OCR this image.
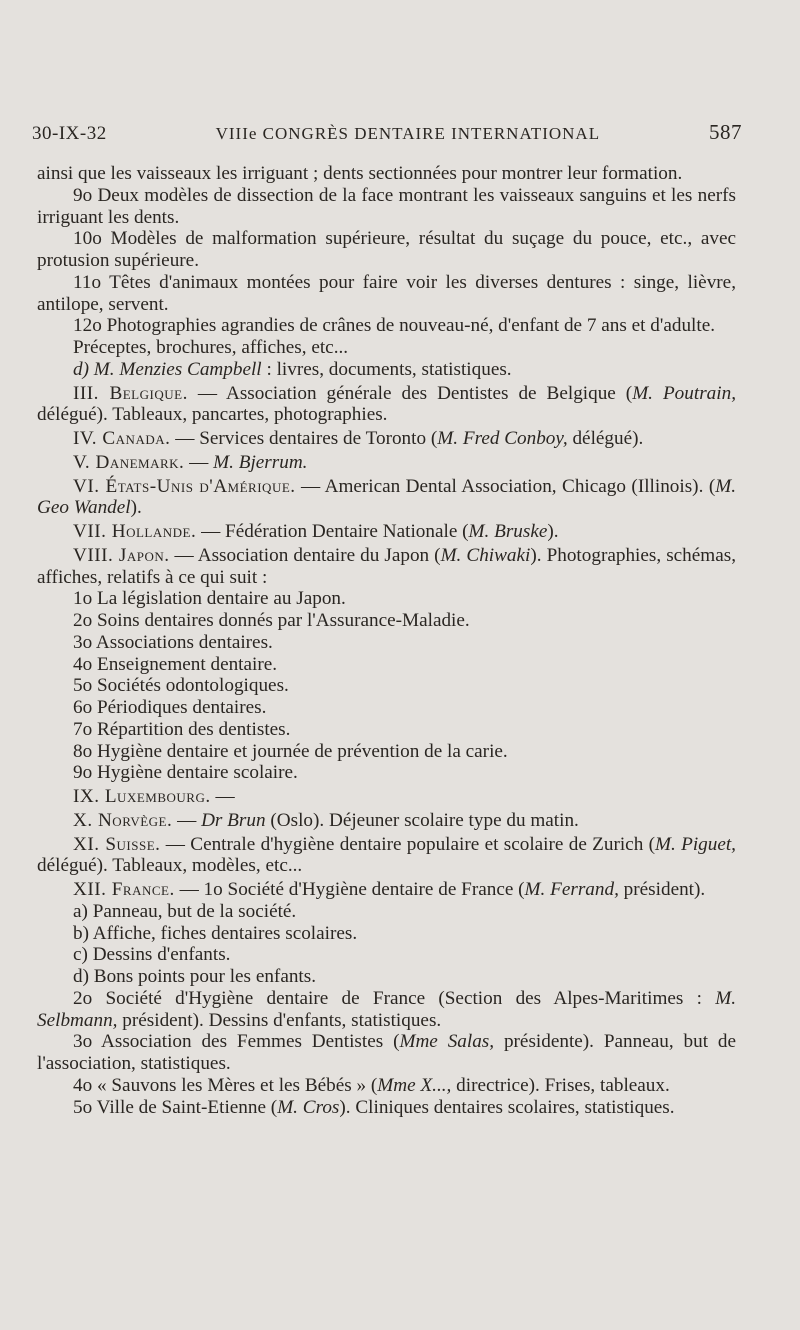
30-IX-32	VIIIe CONGRÈS DENTAIRE INTERNATIONAL	587

ainsi que les vaisseaux les irriguant ; dents sectionnées pour montrer leur formation.

9o Deux modèles de dissection de la face montrant les vaisseaux sanguins et les nerfs irriguant les dents.

10o Modèles de malformation supérieure, résultat du suçage du pouce, etc., avec protusion supérieure.

11o Têtes d'animaux montées pour faire voir les diverses dentures : singe, lièvre, antilope, servent.

12o Photographies agrandies de crânes de nouveau-né, d'enfant de 7 ans et d'adulte.

Préceptes, brochures, affiches, etc...

d) M. Menzies Campbell : livres, documents, statistiques.

III. Belgique. — Association générale des Dentistes de Belgique (M. Poutrain, délégué). Tableaux, pancartes, photographies.

IV. Canada. — Services dentaires de Toronto (M. Fred Conboy, délégué).

V. Danemark. — M. Bjerrum.

VI. États-Unis d'Amérique. — American Dental Association, Chicago (Illinois). (M. Geo Wandel).

VII. Hollande. — Fédération Dentaire Nationale (M. Bruske).

VIII. Japon. — Association dentaire du Japon (M. Chiwaki). Photographies, schémas, affiches, relatifs à ce qui suit :

1o La législation dentaire au Japon.

2o Soins dentaires donnés par l'Assurance-Maladie.

3o Associations dentaires.

4o Enseignement dentaire.

5o Sociétés odontologiques.

6o Périodiques dentaires.

7o Répartition des dentistes.

8o Hygiène dentaire et journée de prévention de la carie.

9o Hygiène dentaire scolaire.

IX. Luxembourg. —

X. Norvège. — Dr Brun (Oslo). Déjeuner scolaire type du matin.

XI. Suisse. — Centrale d'hygiène dentaire populaire et scolaire de Zurich (M. Piguet, délégué). Tableaux, modèles, etc...

XII. France. — 1o Société d'Hygiène dentaire de France (M. Ferrand, président).

a) Panneau, but de la société.

b) Affiche, fiches dentaires scolaires.

c) Dessins d'enfants.

d) Bons points pour les enfants.

2o Société d'Hygiène dentaire de France (Section des Alpes-Maritimes : M. Selbmann, président). Dessins d'enfants, statistiques.

3o Association des Femmes Dentistes (Mme Salas, présidente). Panneau, but de l'association, statistiques.

4o « Sauvons les Mères et les Bébés » (Mme X..., directrice). Frises, tableaux.

5o Ville de Saint-Etienne (M. Cros). Cliniques dentaires scolaires, statistiques.
